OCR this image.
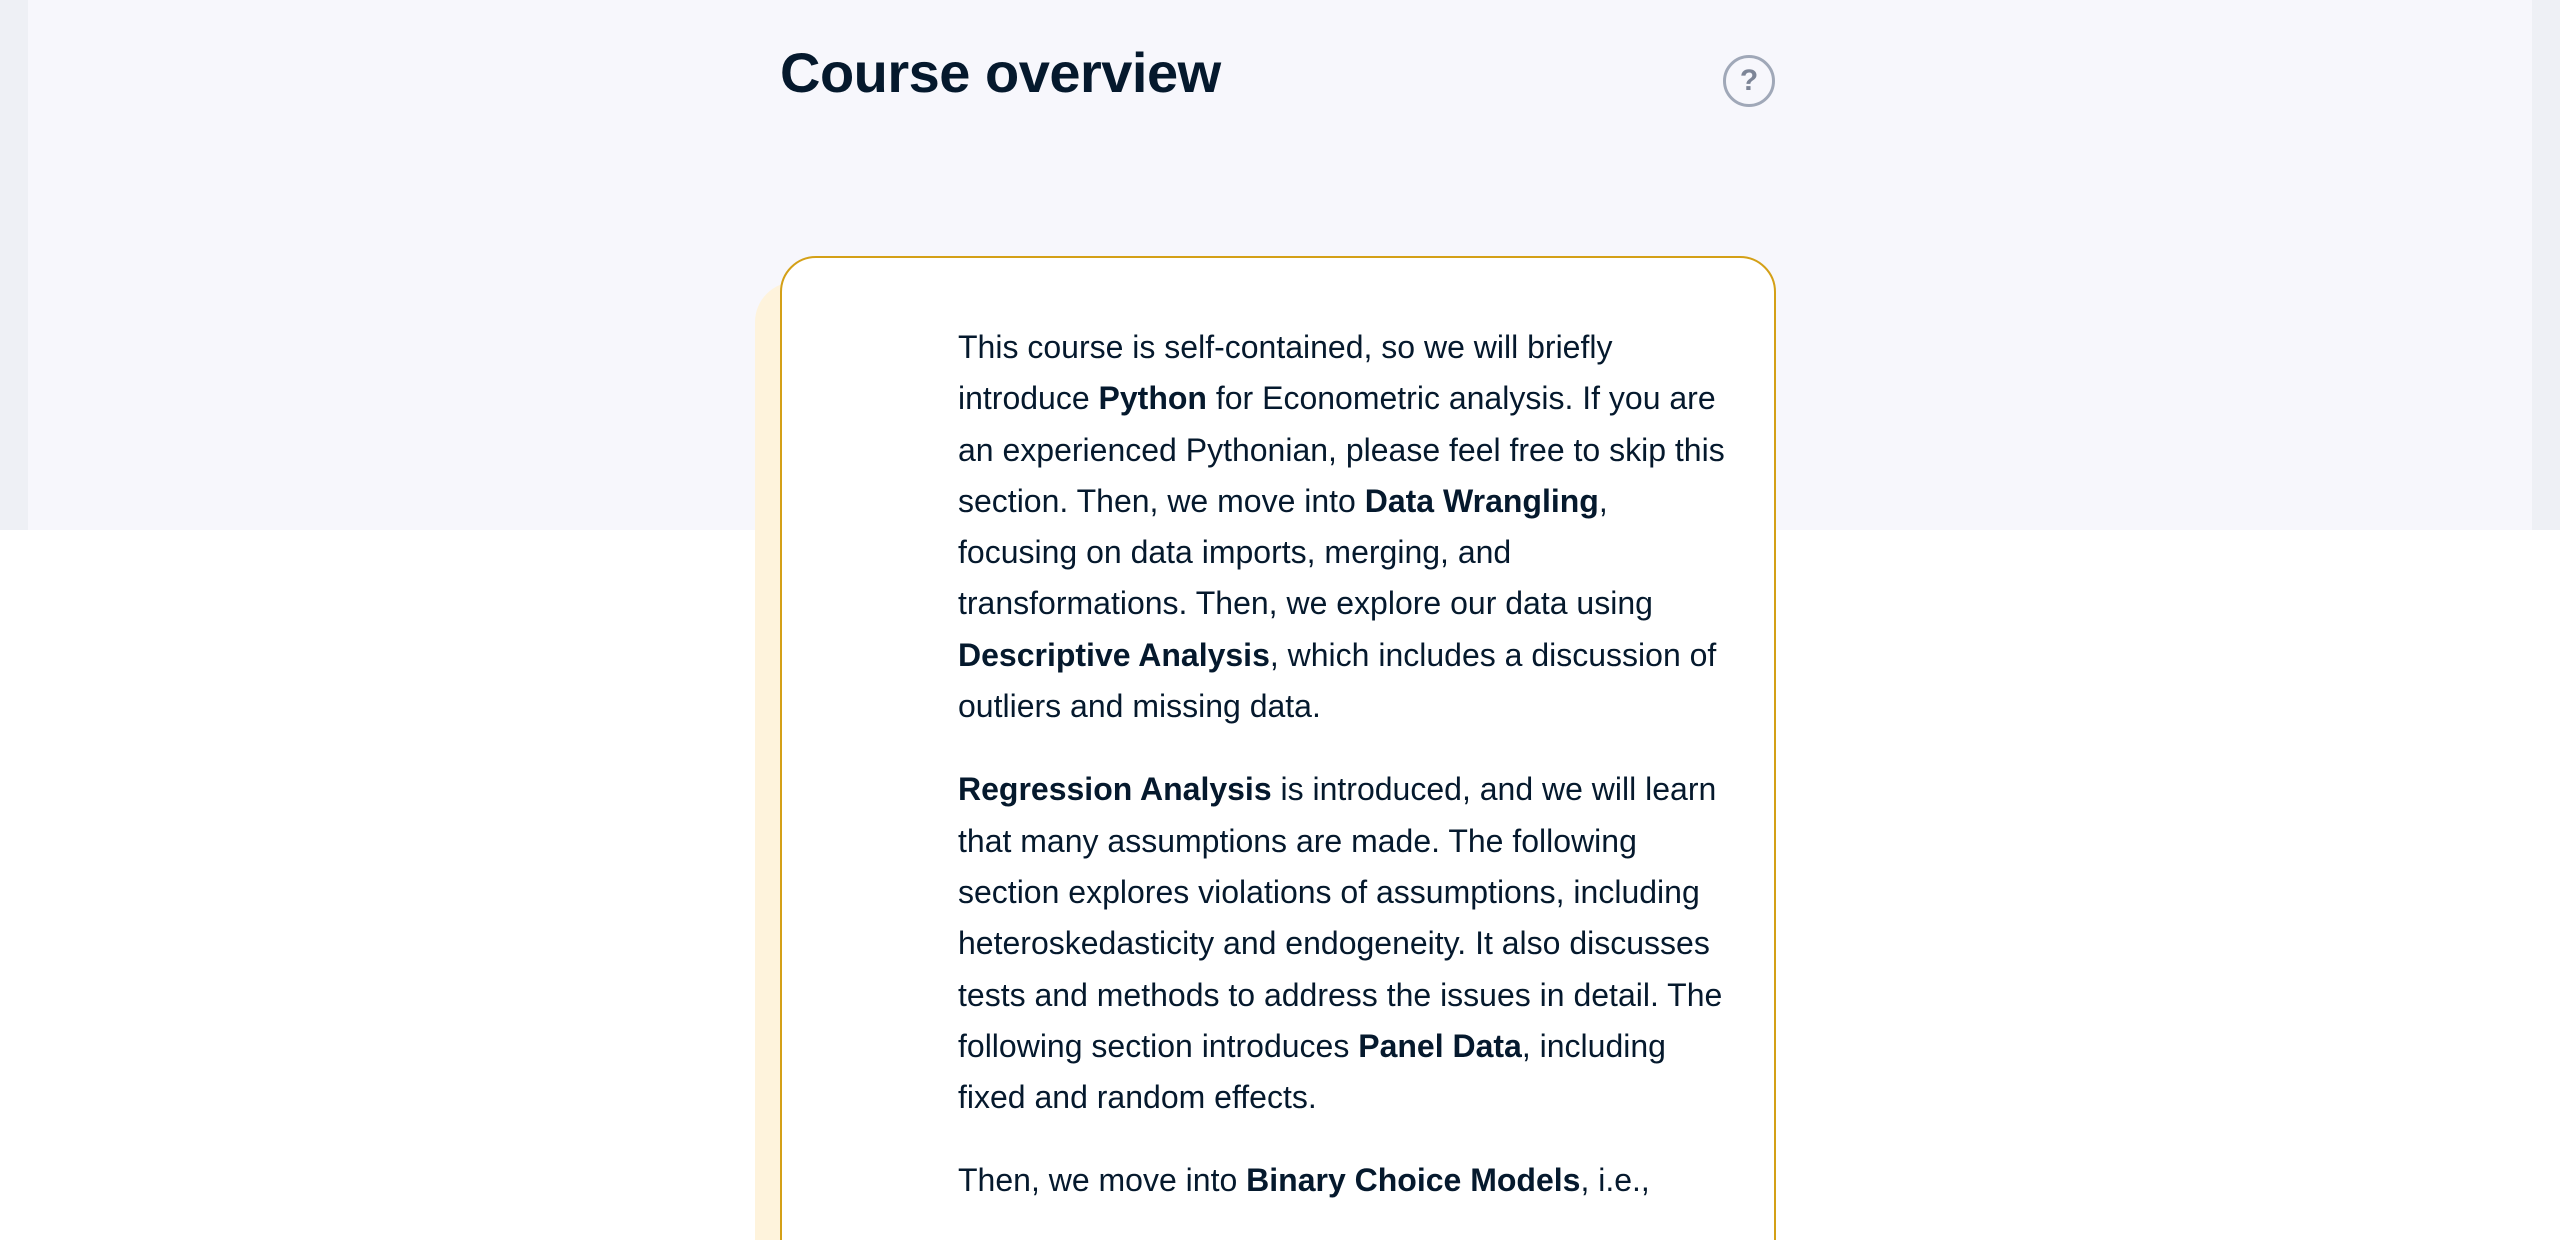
Course overview	?

This course is self-contained, so we will briefly introduce Python for Econometric analysis. If you are an experienced Pythonian, please feel free to skip this section. Then, we move into Data Wrangling, focusing on data imports, merging, and transformations. Then, we explore our data using Descriptive Analysis, which includes a discussion of outliers and missing data.

Regression Analysis is introduced, and we will learn that many assumptions are made. The following section explores violations of assumptions, including heteroskedasticity and endogeneity. It also discusses tests and methods to address the issues in detail. The following section introduces Panel Data, including fixed and random effects.

Then, we move into Binary Choice Models, i.e.,
